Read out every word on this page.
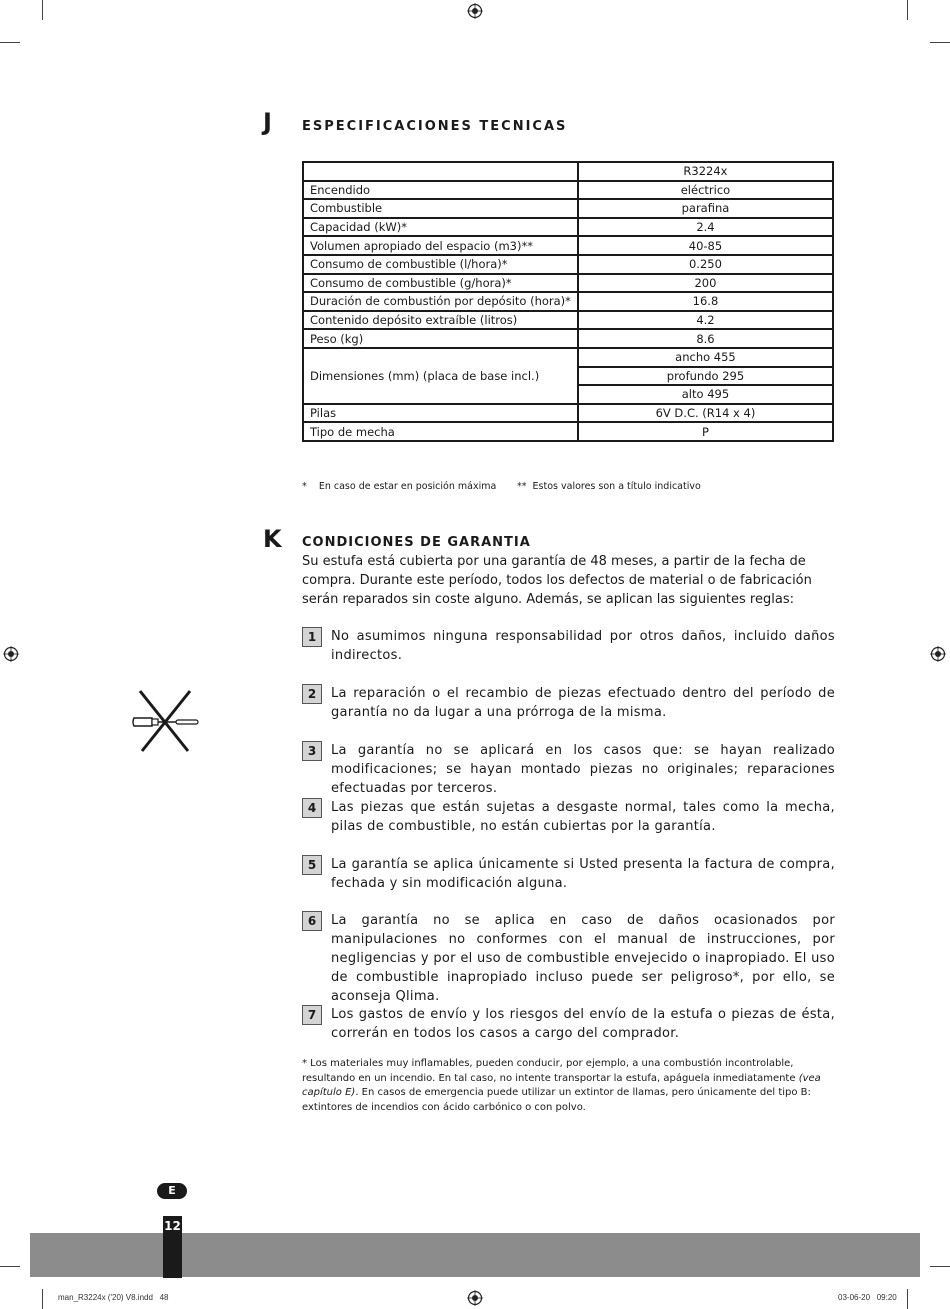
J ESPECIFICACIONES TECNICAS
	R3224x
Encendido	eléctrico
Combustible	parafina
Capacidad (kW)*	2.4
Volumen apropiado del espacio (m3)**	40-85
Consumo de combustible (l/hora)*	0.250
Consumo de combustible (g/hora)*	200
Duración de combustión por depósito (hora)*	16.8
Contenido depósito extraíble (litros)	4.2
Peso (kg)	8.6
Dimensiones (mm) (placa de base incl.)	ancho 455
	profundo 295
	alto 495
Pilas	6V D.C. (R14 x 4)
Tipo de mecha	P
*    En caso de estar en posición máxima **  Estos valores son a título indicativo
K CONDICIONES DE GARANTIA
Su estufa está cubierta por una garantía de 48 meses, a partir de la fecha de compra. Durante este período, todos los defectos de material o de fabricación serán reparados sin coste alguno. Además, se aplican las siguientes reglas:
1	No asumimos ninguna responsabilidad por otros daños, incluido daños indirectos.
2	La reparación o el recambio de piezas efectuado dentro del período de garantía no da lugar a una prórroga de la misma.
3	La garantía no se aplicará en los casos que: se hayan realizado modificaciones; se hayan montado piezas no originales; reparaciones efectuadas por terceros.
4	Las piezas que están sujetas a desgaste normal, tales como la mecha, pilas de combustible, no están cubiertas por la garantía.
5	La garantía se aplica únicamente si Usted presenta la factura de compra, fechada y sin modificación alguna.
6	La garantía no se aplica en caso de daños ocasionados por manipulaciones no conformes con el manual de instrucciones, por negligencias y por el uso de combustible envejecido o inapropiado. El uso de combustible inapropiado incluso puede ser peligroso*, por ello, se aconseja Qlima.
7	Los gastos de envío y los riesgos del envío de la estufa o piezas de ésta, correrán en todos los casos a cargo del comprador.
* Los materiales muy inflamables, pueden conducir, por ejemplo, a una combustión incontrolable, resultando en un incendio. En tal caso, no intente transportar la estufa, apáguela inmediatamente (vea capítulo E). En casos de emergencia puede utilizar un extintor de llamas, pero únicamente del tipo B: extintores de incendios con ácido carbónico o con polvo.
E
12
man_R3224x ('20) V8.indd   48	03-06-20   09:20
